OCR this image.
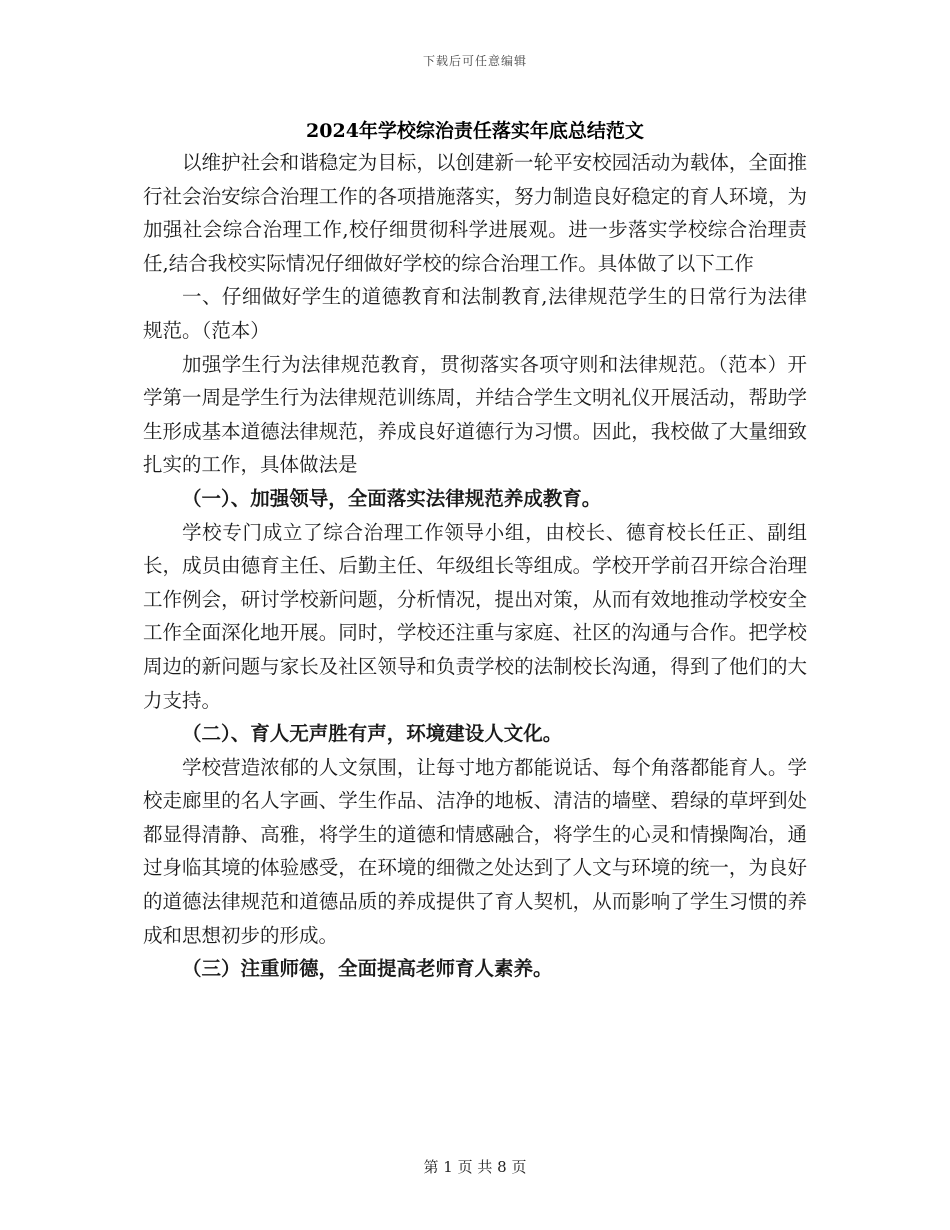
下载后可任意编辑
2024年学校综治责任落实年底总结范文

以维护社会和谐稳定为目标，以创建新一轮平安校园活动为载体，全面推行社会治安综合治理工作的各项措施落实，努力制造良好稳定的育人环境，为加强社会综合治理工作,校仔细贯彻科学进展观。进一步落实学校综合治理责任,结合我校实际情况仔细做好学校的综合治理工作。具体做了以下工作

一、仔细做好学生的道德教育和法制教育,法律规范学生的日常行为法律规范。（范本）

加强学生行为法律规范教育，贯彻落实各项守则和法律规范。（范本）开学第一周是学生行为法律规范训练周，并结合学生文明礼仪开展活动，帮助学生形成基本道德法律规范，养成良好道德行为习惯。因此，我校做了大量细致扎实的工作，具体做法是

（一）、加强领导，全面落实法律规范养成教育。

学校专门成立了综合治理工作领导小组，由校长、德育校长任正、副组长，成员由德育主任、后勤主任、年级组长等组成。学校开学前召开综合治理工作例会，研讨学校新问题，分析情况，提出对策，从而有效地推动学校安全工作全面深化地开展。同时，学校还注重与家庭、社区的沟通与合作。把学校周边的新问题与家长及社区领导和负责学校的法制校长沟通，得到了他们的大力支持。

（二）、育人无声胜有声，环境建设人文化。

学校营造浓郁的人文氛围，让每寸地方都能说话、每个角落都能育人。学校走廊里的名人字画、学生作品、洁净的地板、清洁的墙壁、碧绿的草坪到处都显得清静、高雅，将学生的道德和情感融合，将学生的心灵和情操陶冶，通过身临其境的体验感受，在环境的细微之处达到了人文与环境的统一，为良好的道德法律规范和道德品质的养成提供了育人契机，从而影响了学生习惯的养成和思想初步的形成。

（三）注重师德，全面提高老师育人素养。

第 1 页 共 8 页
